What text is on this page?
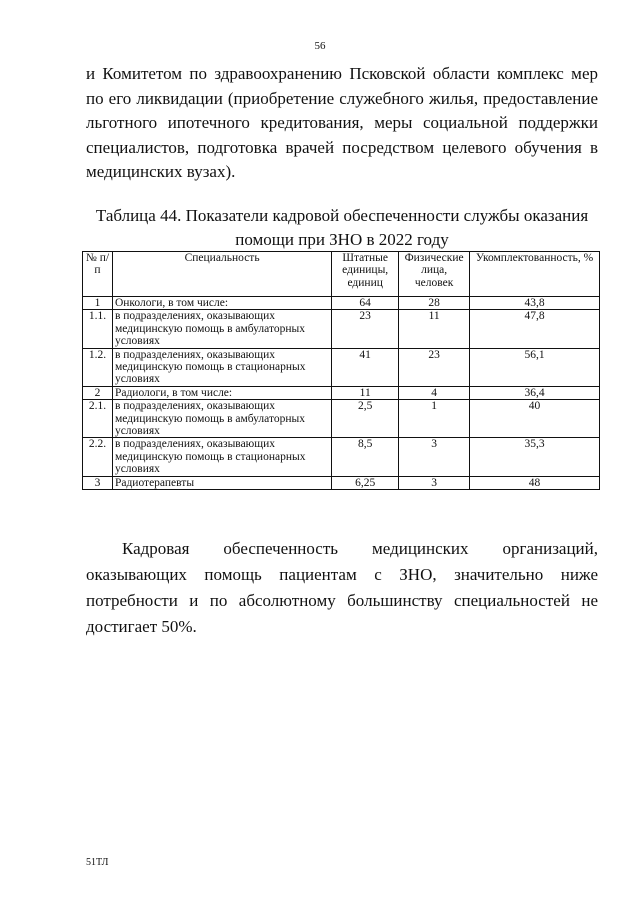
56

и Комитетом по здравоохранению Псковской области комплекс мер по его ликвидации (приобретение служебного жилья, предоставление льготного ипотечного кредитования, меры социальной поддержки специалистов, подготовка врачей посредством целевого обучения в медицинских вузах).

Таблица 44. Показатели кадровой обеспеченности службы оказания помощи при ЗНО в 2022 году

№ п/п	Специальность	Штатные единицы, единиц	Физические лица, человек	Укомплектованность, %
1	Онкологи, в том числе:	64	28	43,8
1.1.	в подразделениях, оказывающих медицинскую помощь в амбулаторных условиях	23	11	47,8
1.2.	в подразделениях, оказывающих медицинскую помощь в стационарных условиях	41	23	56,1
2	Радиологи, в том числе:	11	4	36,4
2.1.	в подразделениях, оказывающих медицинскую помощь в амбулаторных условиях	2,5	1	40
2.2.	в подразделениях, оказывающих медицинскую помощь в стационарных условиях	8,5	3	35,3
3	Радиотерапевты	6,25	3	48

Кадровая обеспеченность медицинских организаций, оказывающих помощь пациентам с ЗНО, значительно ниже потребности и по абсолютному большинству специальностей не достигает 50%.

51ТЛ
